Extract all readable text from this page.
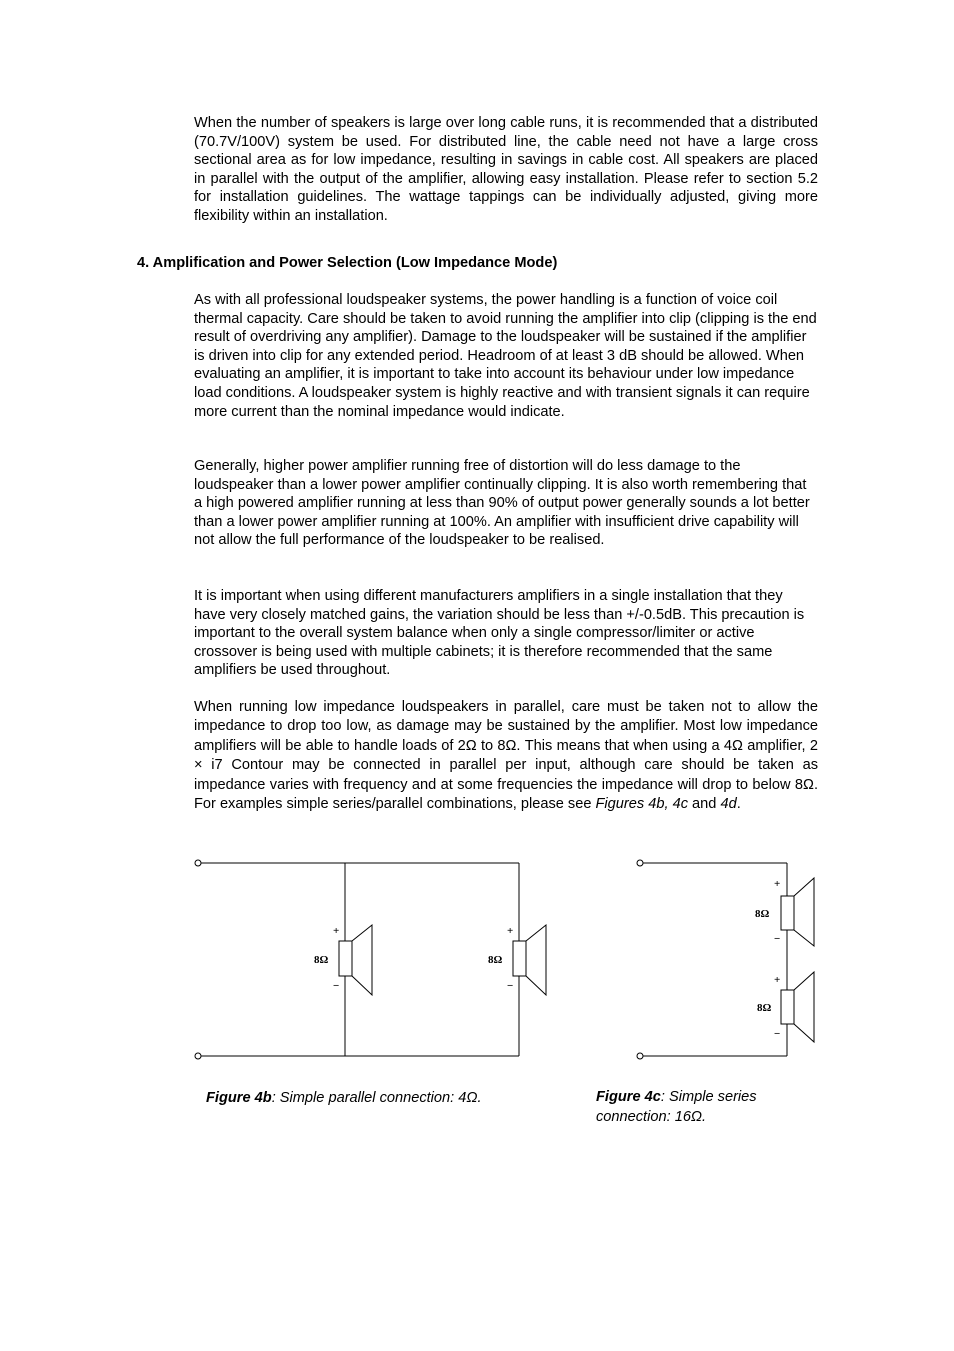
When the number of speakers is large over long cable runs, it is recommended that a distributed (70.7V/100V) system be used. For distributed line, the cable need not have a large cross sectional area as for low impedance, resulting in savings in cable cost. All speakers are placed in parallel with the output of the amplifier, allowing easy installation. Please refer to section 5.2 for installation guidelines. The wattage tappings can be individually adjusted, giving more flexibility within an installation.

4. Amplification and Power Selection (Low Impedance Mode)

As with all professional loudspeaker systems, the power handling is a function of voice coil thermal capacity. Care should be taken to avoid running the amplifier into clip (clipping is the end result of overdriving any amplifier). Damage to the loudspeaker will be sustained if the amplifier is driven into clip for any extended period. Headroom of at least 3 dB should be allowed. When evaluating an amplifier, it is important to take into account its behaviour under low impedance load conditions. A loudspeaker system is highly reactive and with transient signals it can require more current than the nominal impedance would indicate.

Generally, higher power amplifier running free of distortion will do less damage to the loudspeaker than a lower power amplifier continually clipping. It is also worth remembering that a high powered amplifier running at less than 90% of output power generally sounds a lot better than a lower power amplifier running at 100%. An amplifier with insufficient drive capability will not allow the full performance of the loudspeaker to be realised.

It is important when using different manufacturers amplifiers in a single installation that they have very closely matched gains, the variation should be less than +/-0.5dB. This precaution is important to the overall system balance when only a single compressor/limiter or active crossover is being used with multiple cabinets; it is therefore recommended that the same amplifiers be used throughout.

When running low impedance loudspeakers in parallel, care must be taken not to allow the impedance to drop too low, as damage may be sustained by the amplifier. Most low impedance amplifiers will be able to handle loads of 2Ω to 8Ω. This means that when using a 4Ω amplifier, 2 × i7 Contour may be connected in parallel per input, although care should be taken as impedance varies with frequency and at some frequencies the impedance will drop to below 8Ω. For examples simple series/parallel combinations, please see Figures 4b, 4c and 4d.

+
8Ω
−
+
8Ω
−
+
8Ω
−
+
8Ω
−
Figure 4b: Simple parallel connection: 4Ω.	Figure 4c: Simple series connection: 16Ω.
